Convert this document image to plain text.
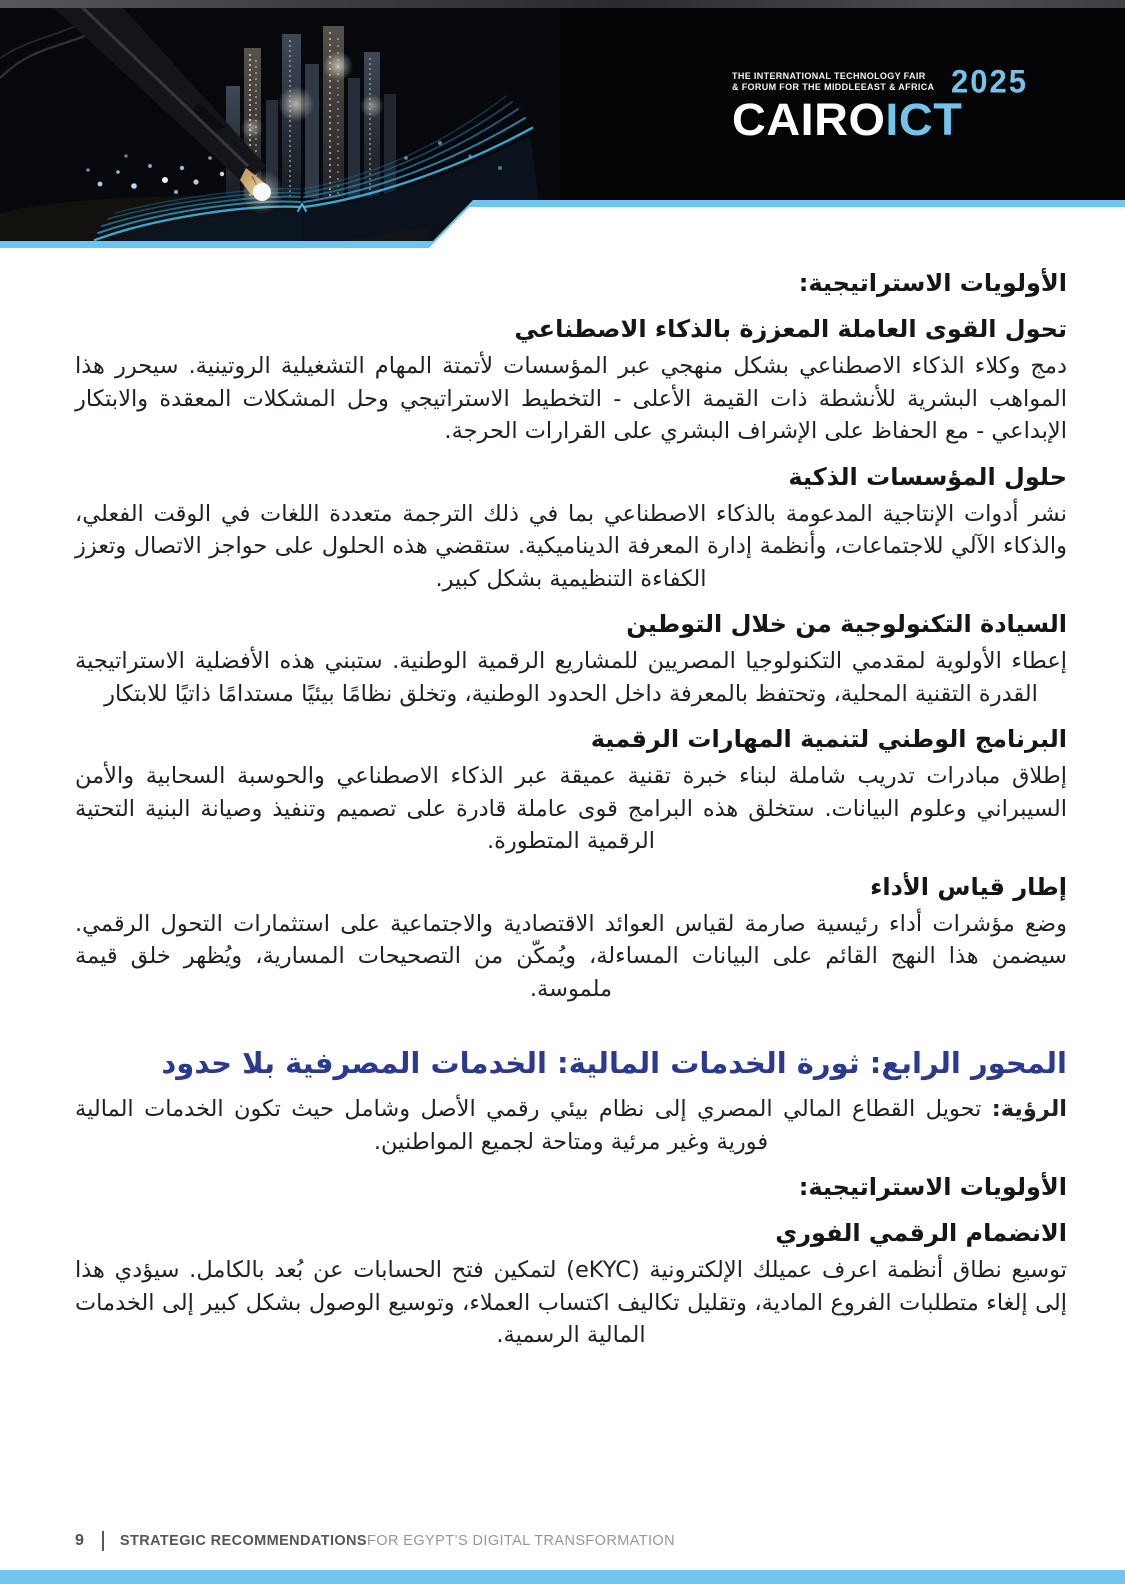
THE INTERNATIONAL TECHNOLOGY FAIR
& FORUM FOR THE MIDDLEEAST & AFRICA 2025
CAIROICT
الأولويات الاستراتيجية:
تحول القوى العاملة المعززة بالذكاء الاصطناعي

دمج وكلاء الذكاء الاصطناعي بشكل منهجي عبر المؤسسات لأتمتة المهام التشغيلية الروتينية. سيحرر هذا المواهب البشرية للأنشطة ذات القيمة الأعلى - التخطيط الاستراتيجي وحل المشكلات المعقدة والابتكار الإبداعي - مع الحفاظ على الإشراف البشري على القرارات الحرجة.

حلول المؤسسات الذكية

نشر أدوات الإنتاجية المدعومة بالذكاء الاصطناعي بما في ذلك الترجمة متعددة اللغات في الوقت الفعلي، والذكاء الآلي للاجتماعات، وأنظمة إدارة المعرفة الديناميكية. ستقضي هذه الحلول على حواجز الاتصال وتعزز الكفاءة التنظيمية بشكل كبير.

السيادة التكنولوجية من خلال التوطين

إعطاء الأولوية لمقدمي التكنولوجيا المصريين للمشاريع الرقمية الوطنية. ستبني هذه الأفضلية الاستراتيجية القدرة التقنية المحلية، وتحتفظ بالمعرفة داخل الحدود الوطنية، وتخلق نظامًا بيئيًا مستدامًا ذاتيًا للابتكار

البرنامج الوطني لتنمية المهارات الرقمية

إطلاق مبادرات تدريب شاملة لبناء خبرة تقنية عميقة عبر الذكاء الاصطناعي والحوسبة السحابية والأمن السيبراني وعلوم البيانات. ستخلق هذه البرامج قوى عاملة قادرة على تصميم وتنفيذ وصيانة البنية التحتية الرقمية المتطورة.

إطار قياس الأداء

وضع مؤشرات أداء رئيسية صارمة لقياس العوائد الاقتصادية والاجتماعية على استثمارات التحول الرقمي. سيضمن هذا النهج القائم على البيانات المساءلة، ويُمكّن من التصحيحات المسارية، ويُظهر خلق قيمة ملموسة.

المحور الرابع: ثورة الخدمات المالية: الخدمات المصرفية بلا حدود

الرؤية: تحويل القطاع المالي المصري إلى نظام بيئي رقمي الأصل وشامل حيث تكون الخدمات المالية فورية وغير مرئية ومتاحة لجميع المواطنين.

الأولويات الاستراتيجية:
الانضمام الرقمي الفوري

توسيع نطاق أنظمة اعرف عميلك الإلكترونية (eKYC) لتمكين فتح الحسابات عن بُعد بالكامل. سيؤدي هذا إلى إلغاء متطلبات الفروع المادية، وتقليل تكاليف اكتساب العملاء، وتوسيع الوصول بشكل كبير إلى الخدمات المالية الرسمية.

9 STRATEGIC RECOMMENDATIONS FOR EGYPT’S DIGITAL TRANSFORMATION
